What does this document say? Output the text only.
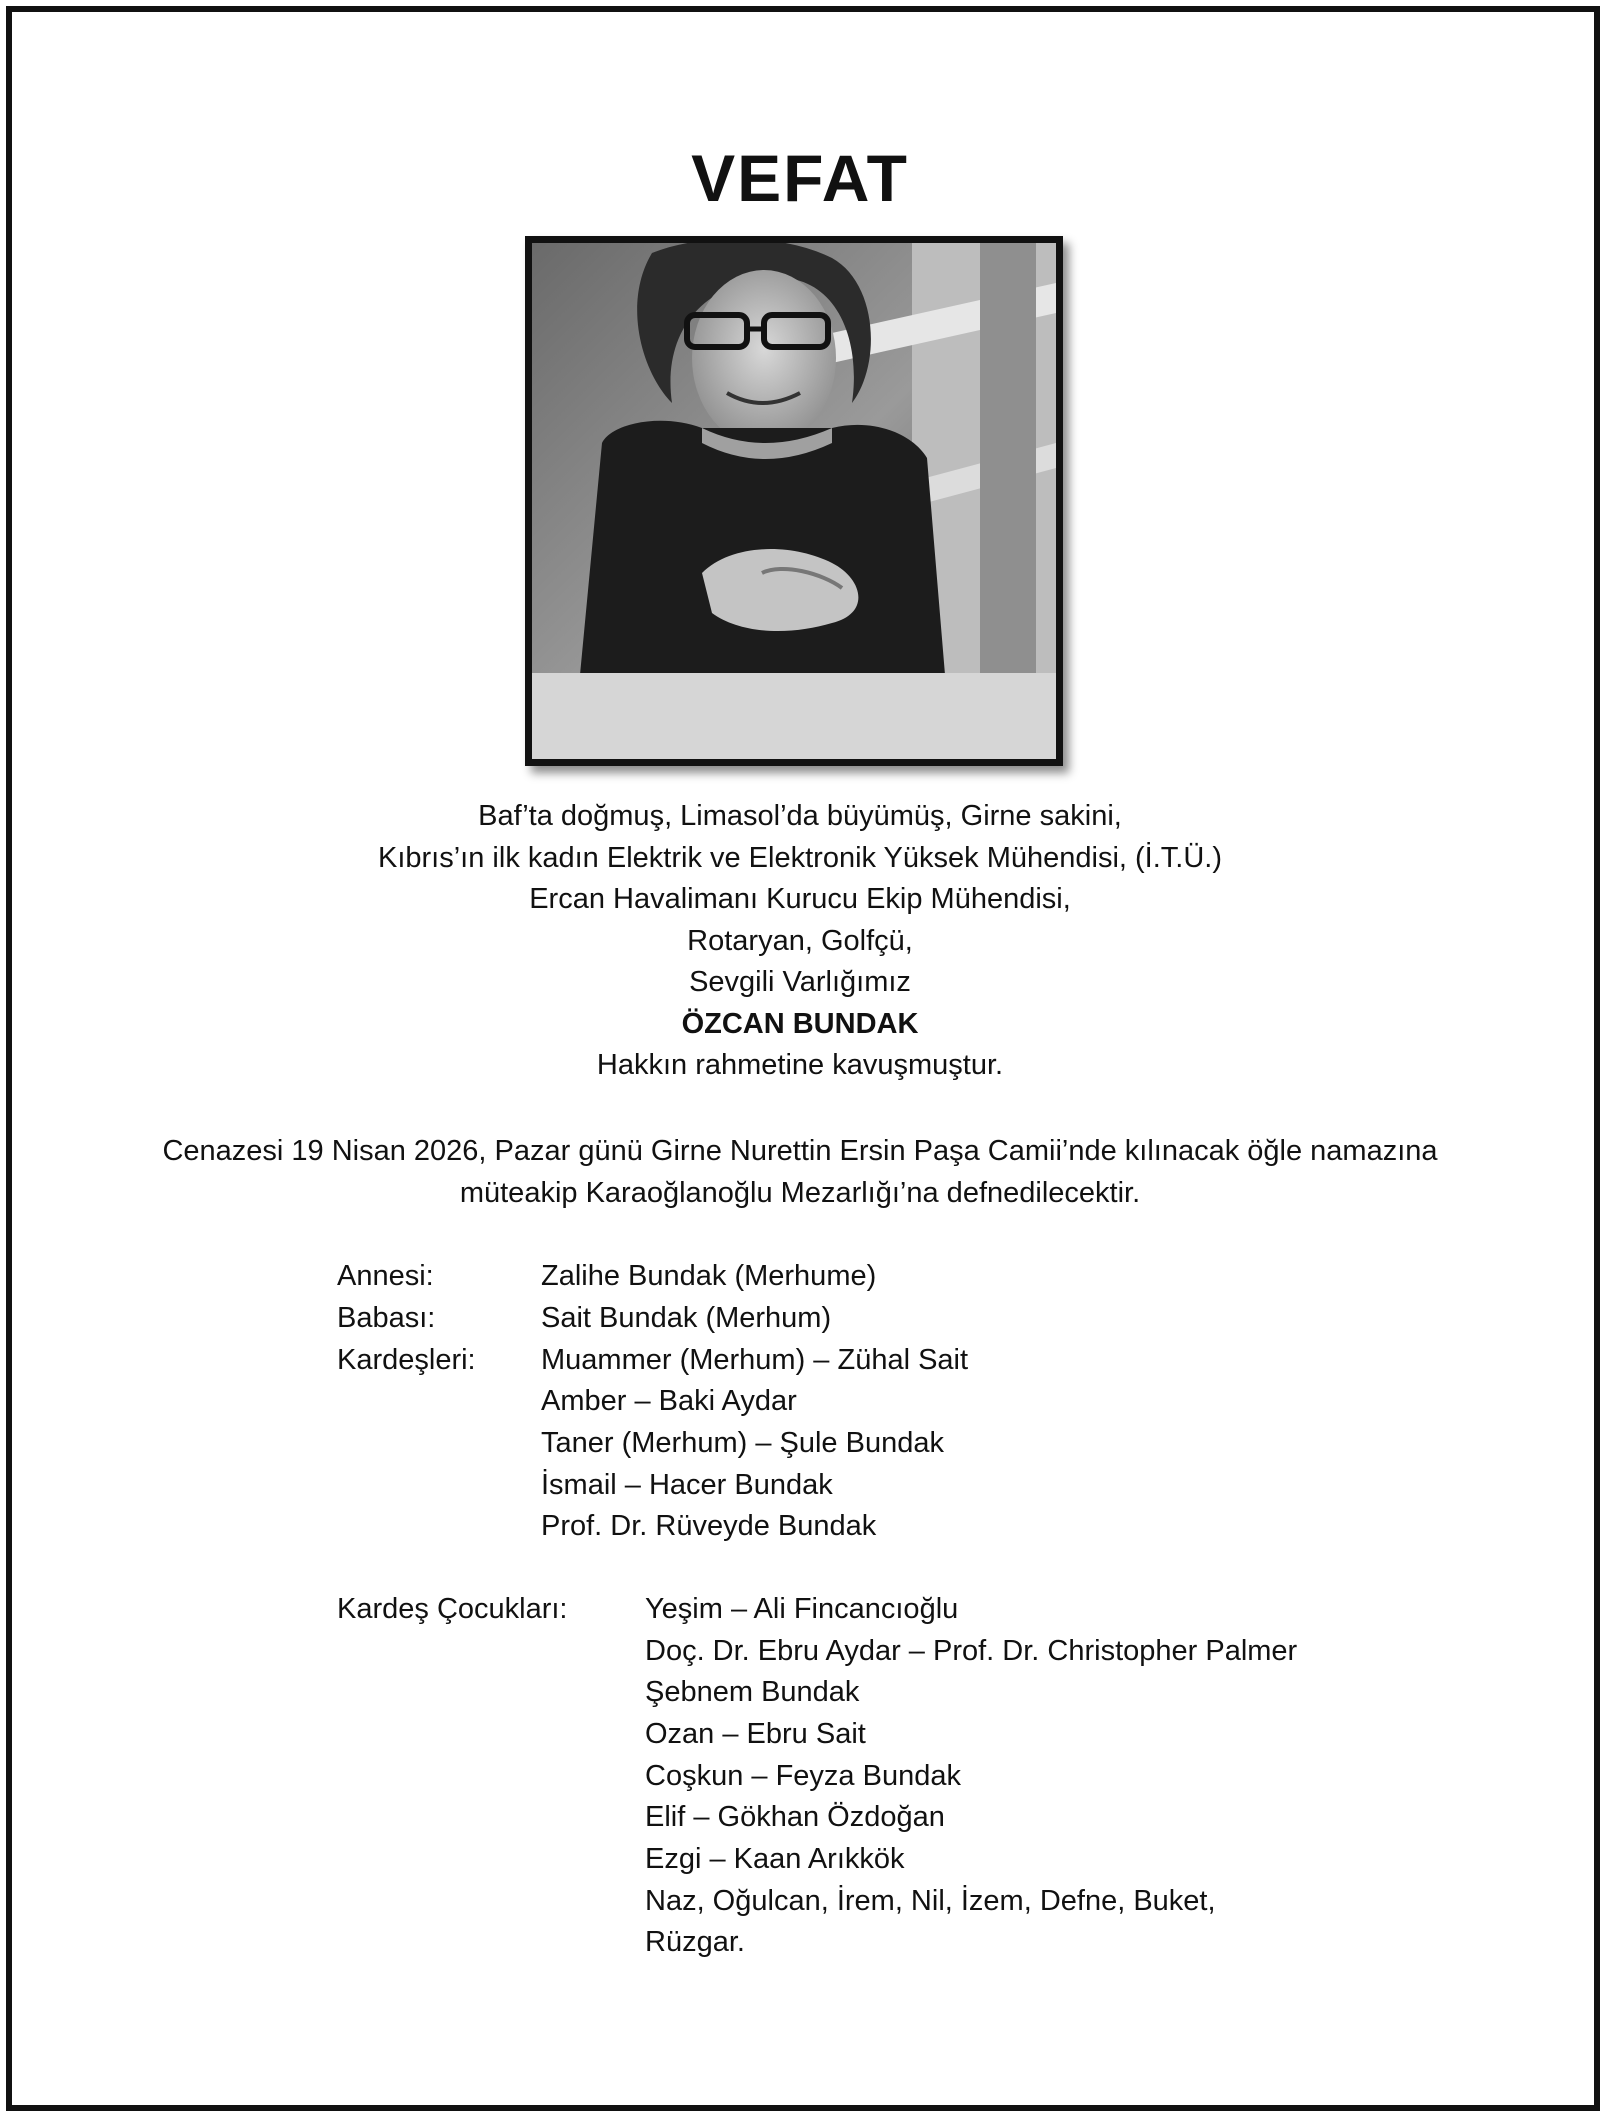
VEFAT
Baf’ta doğmuş, Limasol’da büyümüş, Girne sakini,
Kıbrıs’ın ilk kadın Elektrik ve Elektronik Yüksek Mühendisi, (İ.T.Ü.)
Ercan Havalimanı Kurucu Ekip Mühendisi,
Rotaryan, Golfçü,
Sevgili Varlığımız
ÖZCAN BUNDAK
Hakkın rahmetine kavuşmuştur.
Cenazesi 19 Nisan 2026, Pazar günü Girne Nurettin Ersin Paşa Camii’nde kılınacak öğle namazına
müteakip Karaoğlanoğlu Mezarlığı’na defnedilecektir.
Annesi:	Zalihe Bundak (Merhume)
Babası:	Sait Bundak (Merhum)
Kardeşleri: Muammer (Merhum) – Zühal Sait
Amber – Baki Aydar
Taner (Merhum) – Şule Bundak
İsmail – Hacer Bundak
Prof. Dr. Rüveyde Bundak
Kardeş Çocukları:	Yeşim – Ali Fincancıoğlu
Doç. Dr. Ebru Aydar – Prof. Dr. Christopher Palmer
Şebnem Bundak
Ozan – Ebru Sait
Coşkun – Feyza Bundak
Elif – Gökhan Özdoğan
Ezgi – Kaan Arıkkök
Naz, Oğulcan, İrem, Nil, İzem, Defne, Buket,
Rüzgar.
